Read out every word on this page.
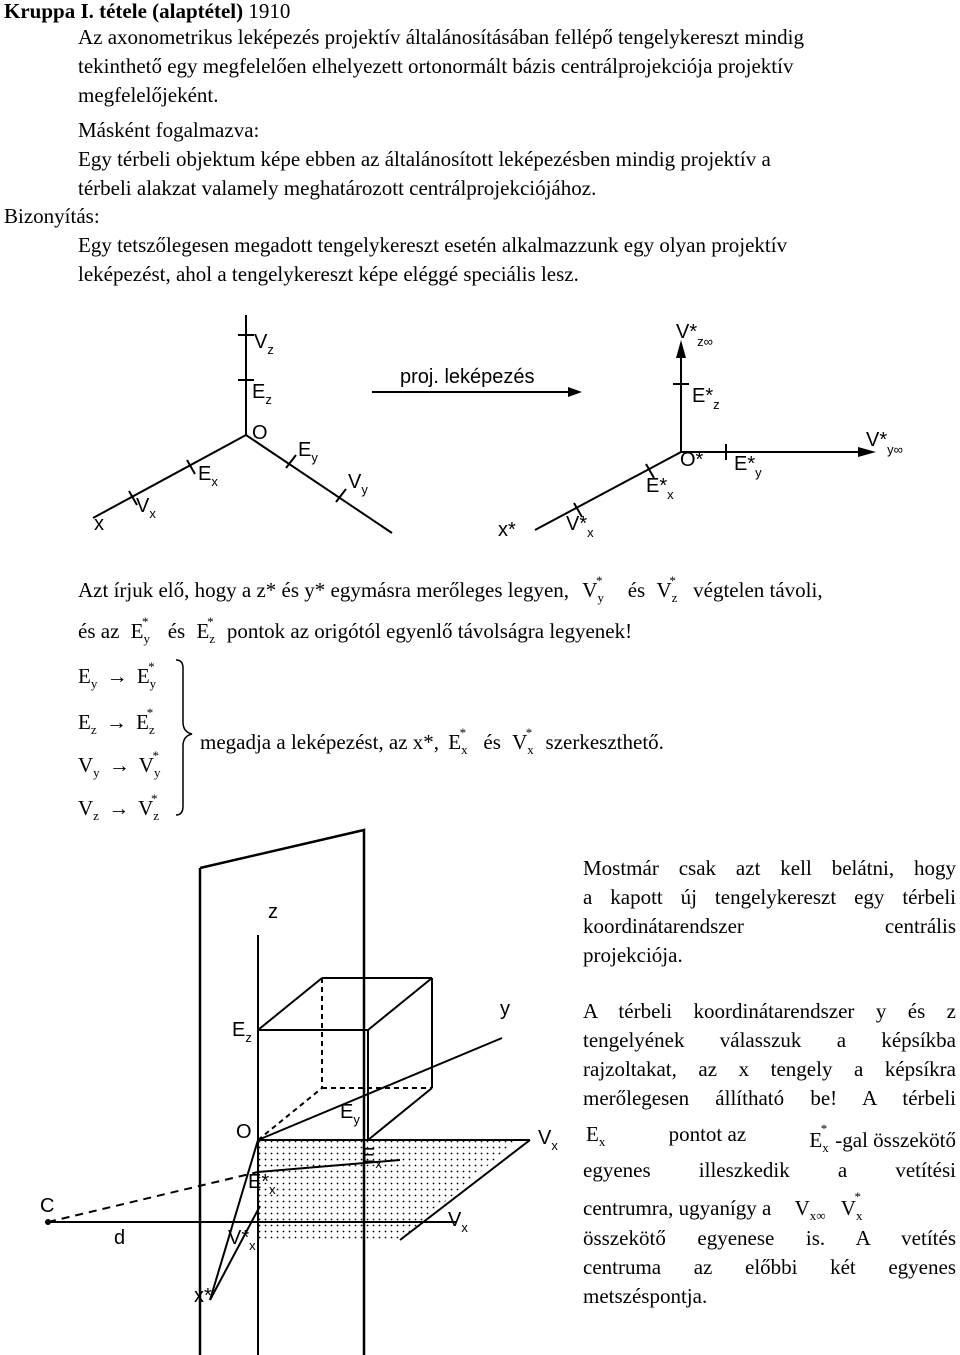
Kruppa I. tétele (alaptétel) 1910
Az axonometrikus leképezés projektív általánosításában fellépő tengelykereszt mindig
tekinthető egy megfelelően elhelyezett ortonormált bázis centrálprojekciója projektív
megfelelőjeként.
Másként fogalmazva:
Egy térbeli objektum képe ebben az általánosított leképezésben mindig projektív a
térbeli alakzat valamely meghatározott centrálprojekciójához.
Bizonyítás:
Egy tetszőlegesen megadott tengelykereszt esetén alkalmazzunk egy olyan projektív
leképezést, ahol a tengelykereszt képe eléggé speciális lesz.
proj. leképezés
$V_z$
$E_z$
O
$E_y$
$E_x$	$V_y$
$V_x$
x
$V*_{z\infty}$
$E*_z$
O* $E*_y$
$V*_{y\infty}$
$E*_x$
$V*_x$
x*
Azt írjuk elő, hogy a z* és y* egymásra merőleges legyen, $V_y^*$ és $V_z^*$ végtelen távoli,
és az $E_y^*$ és $E_z^*$ pontok az origótól egyenlő távolságra legyenek!
$E_y \to E_y^*$
$E_z \to E_z^*$
$V_y \to V_y^*$
$V_z \to V_z^*$
megadja a leképezést, az x*, $E_x^*$ és $V_x^*$ szerkeszthető.
Mostmár csak azt kell belátni, hogy
a kapott új tengelykereszt egy térbeli
koordinátarendszer centrális
projekciója.
A térbeli koordinátarendszer y és z
tengelyének válasszuk a képsíkba
rajzoltakat, az x tengely a képsíkra
merőlegesen állítható be! A térbeli
$E_x$	pontot az	$E_x^*$ -gal összekötő
egyenes illeszkedik a vetítési
centrumra, ugyanígy a $V_{x\infty}$ $V_x^*$
összekötő egyenese is. A vetítés
centruma az előbbi két egyenes
metszéspontja.
z
$E_z$
y
$E_y$
O
$E_x$
$V_x$
$E*_x$
C
d	$V*_x$
$V_x$
x*
